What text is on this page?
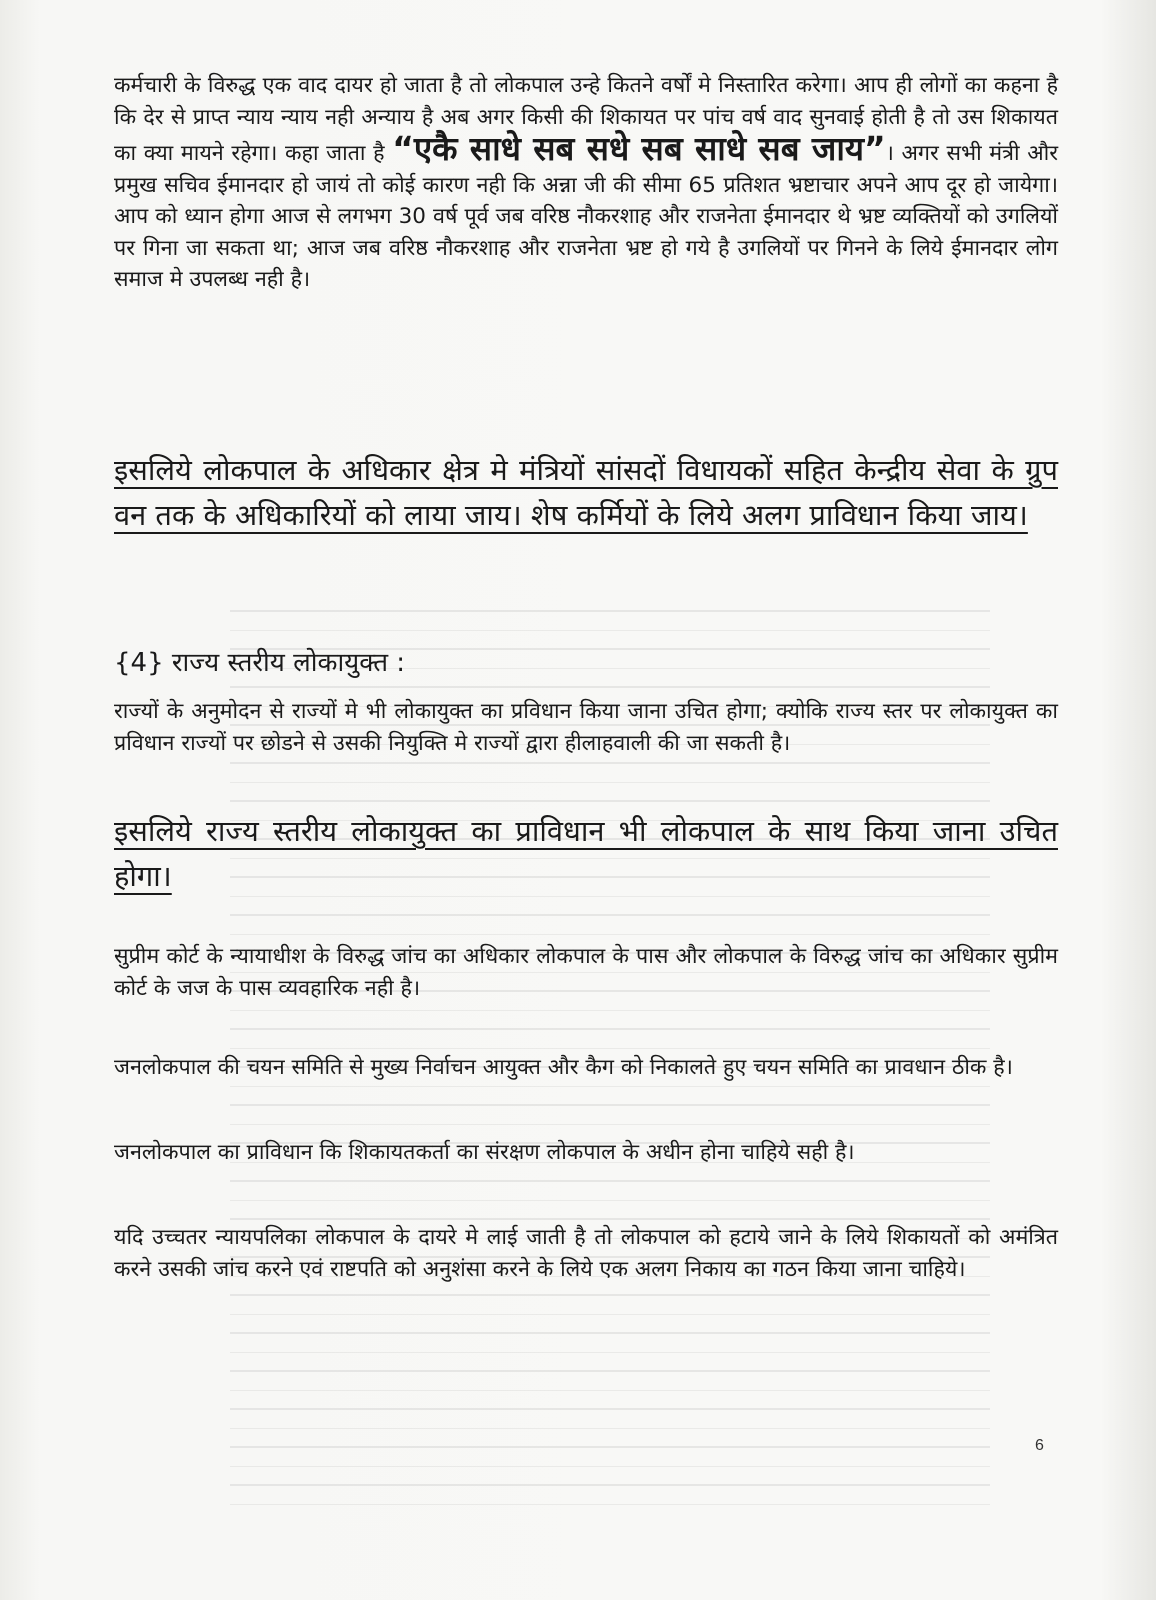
कर्मचारी के विरुद्ध एक वाद दायर हो जाता है तो लोकपाल उन्हे कितने वर्षों मे निस्तारित करेगा। आप ही लोगों का कहना है कि देर से प्राप्त न्याय न्याय नही अन्याय है अब अगर किसी की शिकायत पर पांच वर्ष वाद सुनवाई होती है तो उस शिकायत का क्या मायने रहेगा। कहा जाता है “एकै साधे सब सधे सब साधे सब जाय”। अगर सभी मंत्री और प्रमुख सचिव ईमानदार हो जायं तो कोई कारण नही कि अन्ना जी की सीमा 65 प्रतिशत भ्रष्टाचार अपने आप दूर हो जायेगा। आप को ध्यान होगा आज से लगभग 30 वर्ष पूर्व जब वरिष्ठ नौकरशाह और राजनेता ईमानदार थे भ्रष्ट व्यक्तियों को उगलियों पर गिना जा सकता था; आज जब वरिष्ठ नौकरशाह और राजनेता भ्रष्ट हो गये है उगलियों पर गिनने के लिये ईमानदार लोग समाज मे उपलब्ध नही है।

इसलिये लोकपाल के अधिकार क्षेत्र मे मंत्रियों सांसदों विधायकों सहित केन्द्रीय सेवा के ग्रुप वन तक के अधिकारियों को लाया जाय। शेष कर्मियों के लिये अलग प्राविधान किया जाय।

{4} राज्य स्तरीय लोकायुक्त :

राज्यों के अनुमोदन से राज्यों मे भी लोकायुक्त का प्रविधान किया जाना उचित होगा; क्योकि राज्य स्तर पर लोकायुक्त का प्रविधान राज्यों पर छोडने से उसकी नियुक्ति मे राज्यों द्वारा हीलाहवाली की जा सकती है।

इसलिये राज्य स्तरीय लोकायुक्त का प्राविधान भी लोकपाल के साथ किया जाना उचित होगा।

सुप्रीम कोर्ट के न्यायाधीश के विरुद्ध जांच का अधिकार लोकपाल के पास और लोकपाल के विरुद्ध जांच का अधिकार सुप्रीम कोर्ट के जज के पास व्यवहारिक नही है।

जनलोकपाल की चयन समिति से मुख्य निर्वाचन आयुक्त और कैग को निकालते हुए चयन समिति का प्रावधान ठीक है।

जनलोकपाल का प्राविधान कि शिकायतकर्ता का संरक्षण लोकपाल के अधीन होना चाहिये सही है।

यदि उच्चतर न्यायपलिका लोकपाल के दायरे मे लाई जाती है तो लोकपाल को हटाये जाने के लिये शिकायतों को अमंत्रित करने उसकी जांच करने एवं राष्टपति को अनुशंसा करने के लिये एक अलग निकाय का गठन किया जाना चाहिये।

6
